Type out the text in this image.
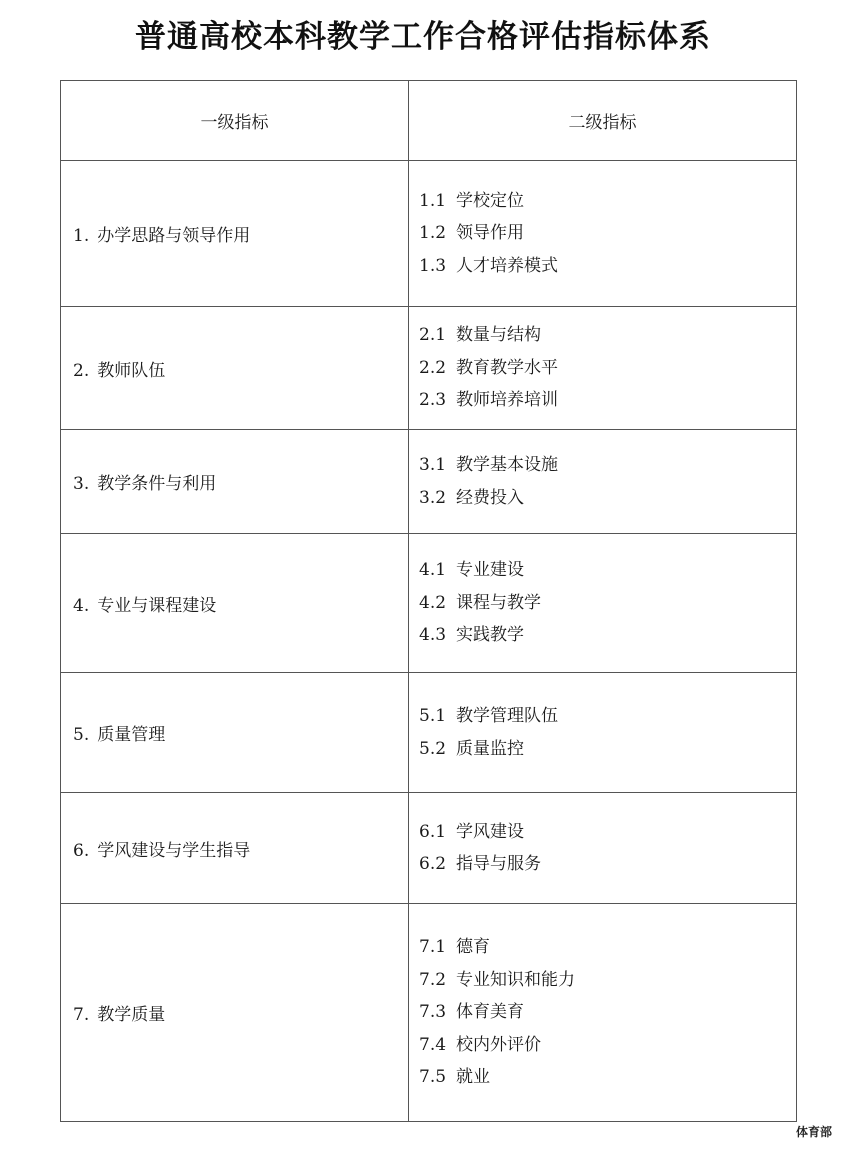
普通高校本科教学工作合格评估指标体系
一级指标	二级指标
1. 办学思路与领导作用	1.1 学校定位
1.2 领导作用
1.3 人才培养模式

2. 教师队伍	2.1 数量与结构
2.2 教育教学水平
2.3 教师培养培训

3. 教学条件与利用	3.1 教学基本设施
3.2 经费投入

4. 专业与课程建设	4.1 专业建设
4.2 课程与教学
4.3 实践教学

5. 质量管理	5.1 教学管理队伍
5.2 质量监控

6. 学风建设与学生指导	6.1 学风建设
6.2 指导与服务

7. 教学质量	7.1 德育
7.2 专业知识和能力
7.3 体育美育
7.4 校内外评价
7.5 就业
体育部
